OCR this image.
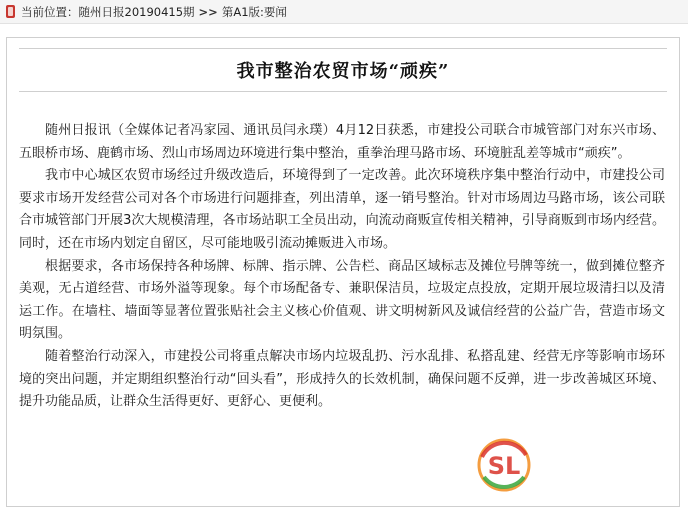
当前位置： 随州日报20190415期 >> 第A1版:要闻
我市整治农贸市场“顽疾”

随州日报讯（全媒体记者冯家园、通讯员闫永璞）4月12日获悉，市建投公司联合市城管部门对东兴市场、五眼桥市场、鹿鹤市场、烈山市场周边环境进行集中整治，重拳治理马路市场、环境脏乱差等城市“顽疾”。

我市中心城区农贸市场经过升级改造后，环境得到了一定改善。此次环境秩序集中整治行动中，市建投公司要求市场开发经营公司对各个市场进行问题排查，列出清单，逐一销号整治。针对市场周边马路市场，该公司联合市城管部门开展3次大规模清理，各市场站职工全员出动，向流动商贩宣传相关精神，引导商贩到市场内经营。同时，还在市场内划定自留区，尽可能地吸引流动摊贩进入市场。

根据要求，各市场保持各种场牌、标牌、指示牌、公告栏、商品区域标志及摊位号牌等统一，做到摊位整齐美观，无占道经营、市场外溢等现象。每个市场配备专、兼职保洁员，垃圾定点投放，定期开展垃圾清扫以及清运工作。在墙柱、墙面等显著位置张贴社会主义核心价值观、讲文明树新风及诚信经营的公益广告，营造市场文明氛围。

随着整治行动深入，市建投公司将重点解决市场内垃圾乱扔、污水乱排、私搭乱建、经营无序等影响市场环境的突出问题，并定期组织整治行动“回头看”，形成持久的长效机制，确保问题不反弹，进一步改善城区环境、提升功能品质，让群众生活得更好、更舒心、更便利。

SL
